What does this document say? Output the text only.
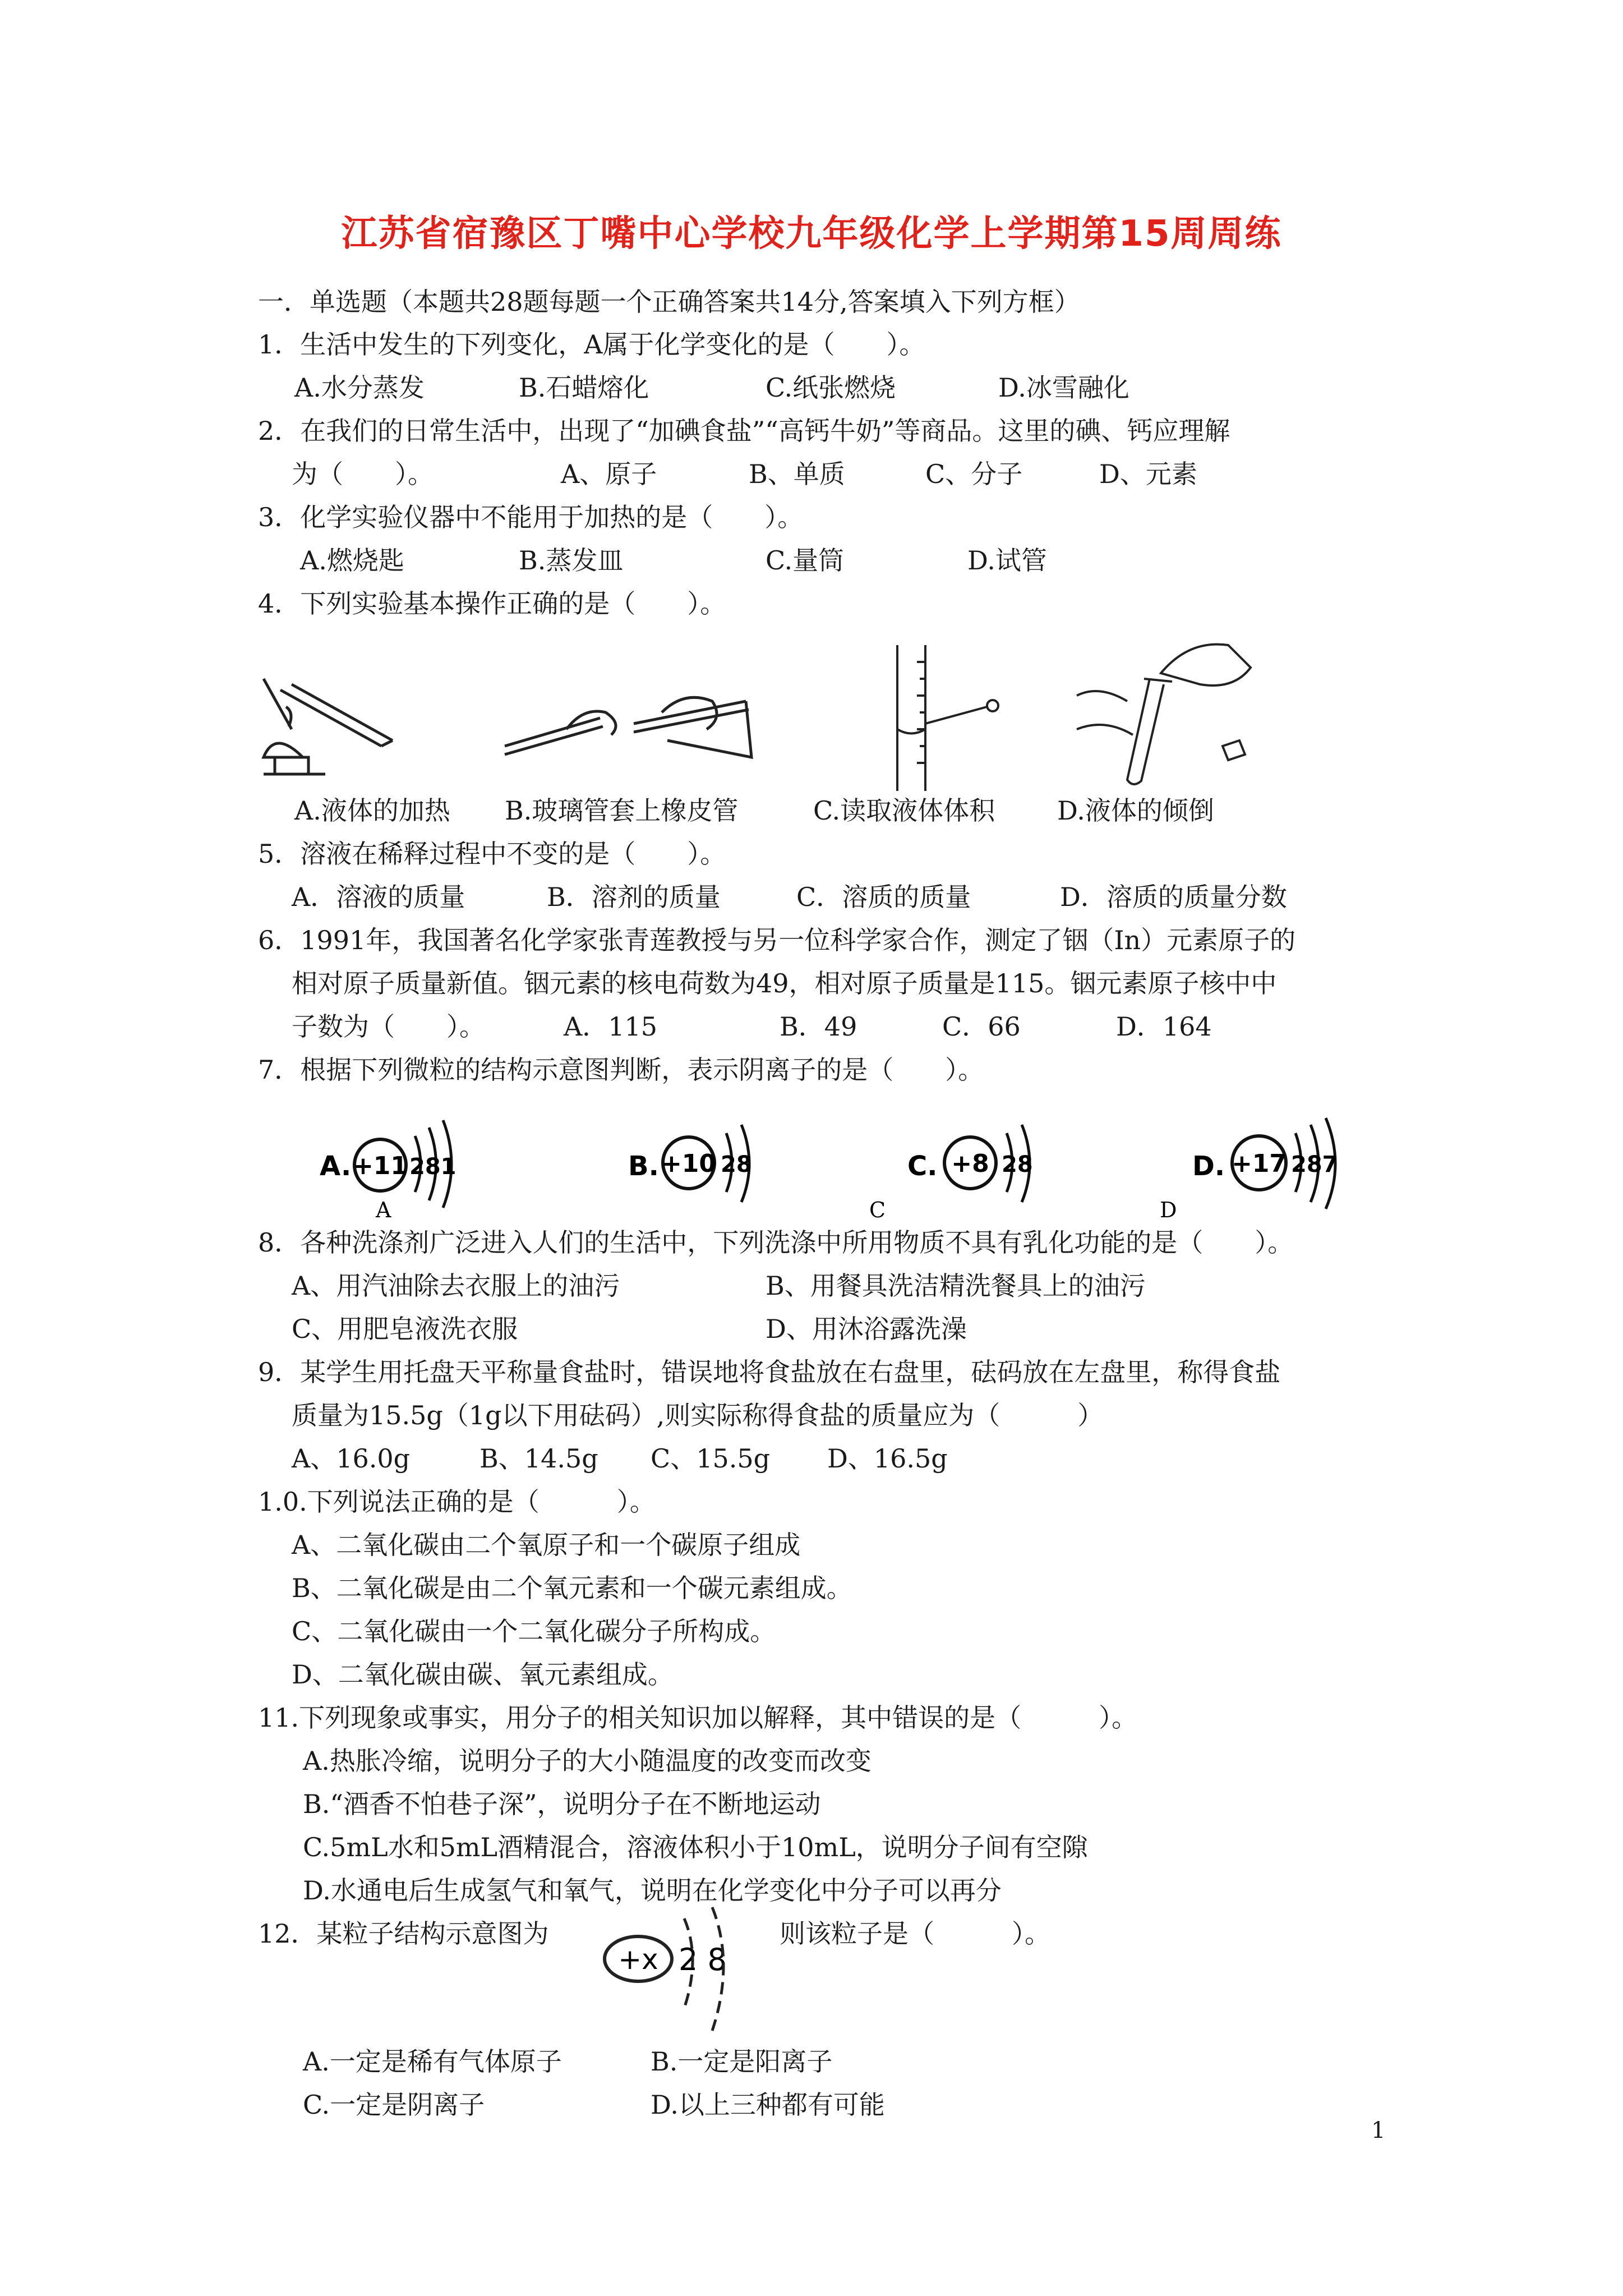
江苏省宿豫区丁嘴中心学校九年级化学上学期第15周周练
一．单选题（本题共28题每题一个正确答案共14分,答案填入下列方框）
1．生活中发生的下列变化，A属于化学变化的是（　　）。
A.水分蒸发	B.石蜡熔化	C.纸张燃烧	D.冰雪融化
2．在我们的日常生活中，出现了“加碘食盐”“高钙牛奶”等商品。这里的碘、钙应理解
为（　　）。	A、原子	B、单质	C、分子	D、元素
3．化学实验仪器中不能用于加热的是（　　）。
A.燃烧匙	B.蒸发皿	C.量筒	D.试管
4．下列实验基本操作正确的是（　　）。
A.液体的加热 B.玻璃管套上橡皮管	C.读取液体体积 D.液体的倾倒
5．溶液在稀释过程中不变的是（　　）。
A．溶液的质量	B．溶剂的质量	C．溶质的质量	D．溶质的质量分数
6．1991年，我国著名化学家张青莲教授与另一位科学家合作，测定了铟（In）元素原子的
相对原子质量新值。铟元素的核电荷数为49，相对原子质量是115。铟元素原子核中中
子数为（　　）。	A．115	B．49	C．66	D．164
7．根据下列微粒的结构示意图判断，表示阴离子的是（　　）。
A. +11 281
A
B. +10 28
C
C. +8 28
D
D. +17 287
8．各种洗涤剂广泛进入人们的生活中，下列洗涤中所用物质不具有乳化功能的是（　　）。
A、用汽油除去衣服上的油污	B、用餐具洗洁精洗餐具上的油污
C、用肥皂液洗衣服	D、用沐浴露洗澡
9．某学生用托盘天平称量食盐时，错误地将食盐放在右盘里，砝码放在左盘里，称得食盐
质量为15.5g（1g以下用砝码）,则实际称得食盐的质量应为（　　　）
A、16.0g	B、14.5g C、15.5g D、16.5g
1.0.下列说法正确的是（　　　）。
A、二氧化碳由二个氧原子和一个碳原子组成
B、二氧化碳是由二个氧元素和一个碳元素组成。
C、二氧化碳由一个二氧化碳分子所构成。
D、二氧化碳由碳、氧元素组成。
11.下列现象或事实，用分子的相关知识加以解释，其中错误的是（　　　）。
A.热胀冷缩，说明分子的大小随温度的改变而改变
B.“酒香不怕巷子深”，说明分子在不断地运动
C.5mL水和5mL酒精混合，溶液体积小于10mL，说明分子间有空隙
D.水通电后生成氢气和氧气，说明在化学变化中分子可以再分
12．某粒子结构示意图为
+x 2 8
则该粒子是（　　　）。
A.一定是稀有气体原子	B.一定是阳离子
C.一定是阴离子	D.以上三种都有可能
1
